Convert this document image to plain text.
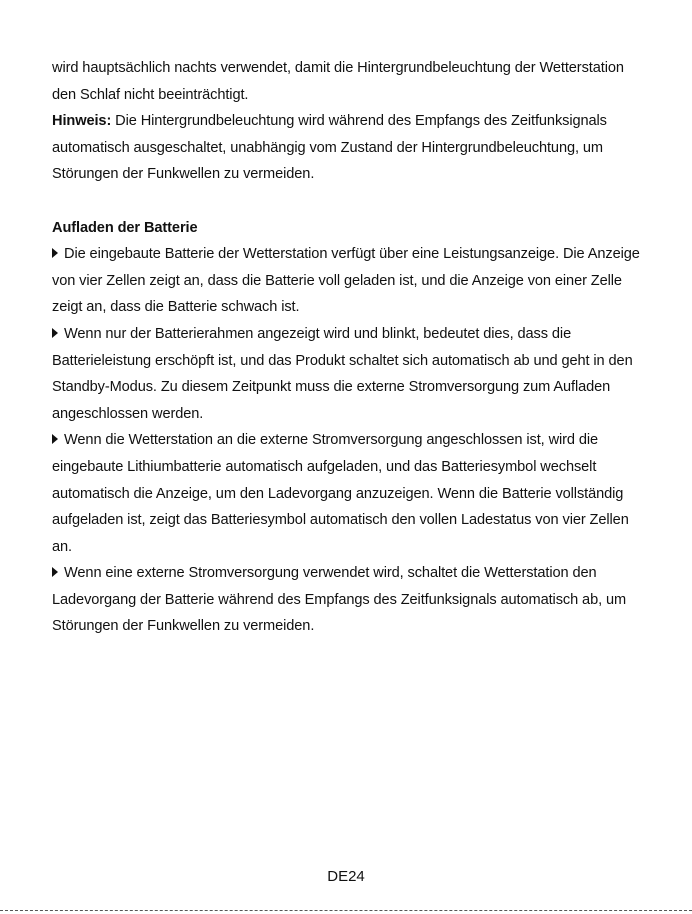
wird hauptsächlich nachts verwendet, damit die Hintergrundbeleuchtung der Wetterstation den Schlaf nicht beeinträchtigt.

Hinweis: Die Hintergrundbeleuchtung wird während des Empfangs des Zeitfunksignals automatisch ausgeschaltet, unabhängig vom Zustand der Hintergrundbeleuchtung, um Störungen der Funkwellen zu vermeiden.

Aufladen der Batterie

Die eingebaute Batterie der Wetterstation verfügt über eine Leistungsanzeige. Die Anzeige von vier Zellen zeigt an, dass die Batterie voll geladen ist, und die Anzeige von einer Zelle zeigt an, dass die Batterie schwach ist.

Wenn nur der Batterierahmen angezeigt wird und blinkt, bedeutet dies, dass die Batterieleistung erschöpft ist, und das Produkt schaltet sich automatisch ab und geht in den Standby-Modus. Zu diesem Zeitpunkt muss die externe Stromversorgung zum Aufladen angeschlossen werden.

Wenn die Wetterstation an die externe Stromversorgung angeschlossen ist, wird die eingebaute Lithiumbatterie automatisch aufgeladen, und das Batteriesymbol wechselt automatisch die Anzeige, um den Ladevorgang anzuzeigen. Wenn die Batterie vollständig aufgeladen ist, zeigt das Batteriesymbol automatisch den vollen Ladestatus von vier Zellen an.

Wenn eine externe Stromversorgung verwendet wird, schaltet die Wetterstation den Ladevorgang der Batterie während des Empfangs des Zeitfunksignals automatisch ab, um Störungen der Funkwellen zu vermeiden.

DE24
